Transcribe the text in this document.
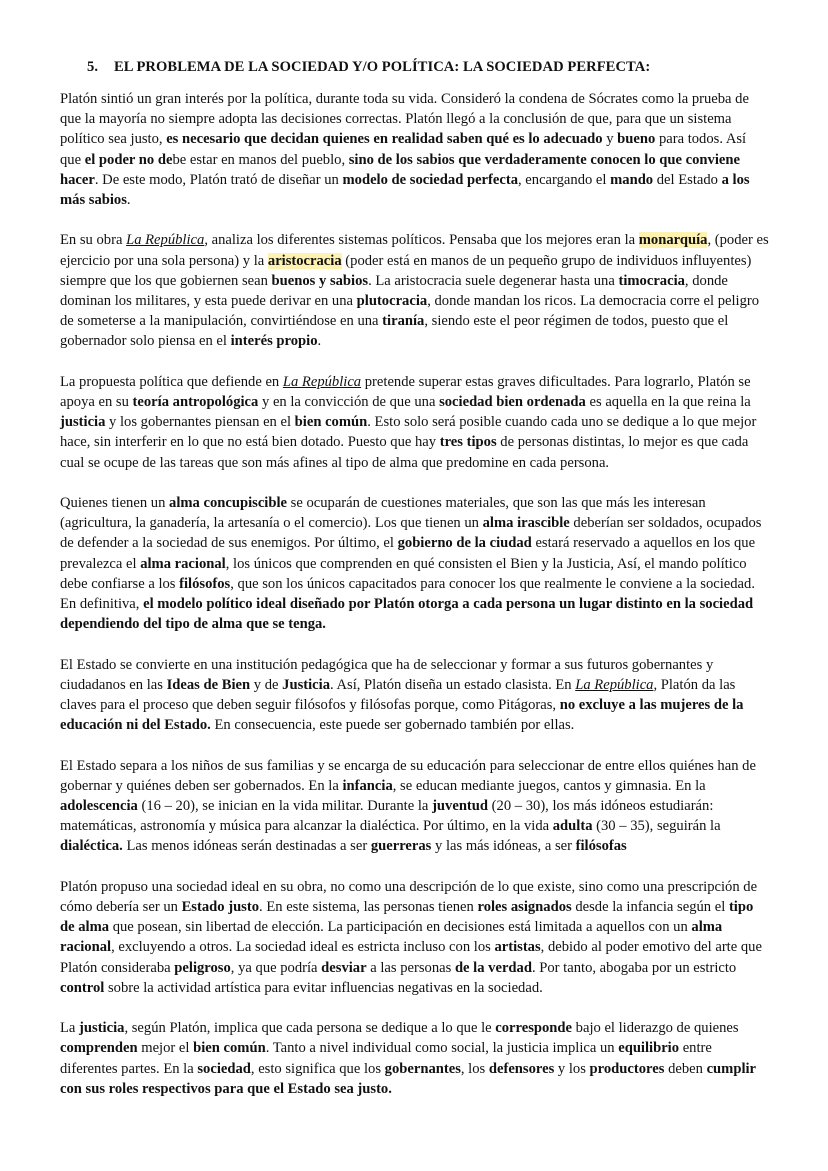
5. EL PROBLEMA DE LA SOCIEDAD Y/O POLÍTICA: LA SOCIEDAD PERFECTA:

Platón sintió un gran interés por la política, durante toda su vida. Consideró la condena de Sócrates como la prueba de que la mayoría no siempre adopta las decisiones correctas. Platón llegó a la conclusión de que, para que un sistema político sea justo, es necesario que decidan quienes en realidad saben qué es lo adecuado y bueno para todos. Así que el poder no debe estar en manos del pueblo, sino de los sabios que verdaderamente conocen lo que conviene hacer. De este modo, Platón trató de diseñar un modelo de sociedad perfecta, encargando el mando del Estado a los más sabios.

En su obra La República, analiza los diferentes sistemas políticos. Pensaba que los mejores eran la monarquía, (poder es ejercicio por una sola persona) y la aristocracia (poder está en manos de un pequeño grupo de individuos influyentes) siempre que los que gobiernen sean buenos y sabios. La aristocracia suele degenerar hasta una timocracia, donde dominan los militares, y esta puede derivar en una plutocracia, donde mandan los ricos. La democracia corre el peligro de someterse a la manipulación, convirtiéndose en una tiranía, siendo este el peor régimen de todos, puesto que el gobernador solo piensa en el interés propio.

La propuesta política que defiende en La República pretende superar estas graves dificultades. Para lograrlo, Platón se apoya en su teoría antropológica y en la convicción de que una sociedad bien ordenada es aquella en la que reina la justicia y los gobernantes piensan en el bien común. Esto solo será posible cuando cada uno se dedique a lo que mejor hace, sin interferir en lo que no está bien dotado. Puesto que hay tres tipos de personas distintas, lo mejor es que cada cual se ocupe de las tareas que son más afines al tipo de alma que predomine en cada persona.

Quienes tienen un alma concupiscible se ocuparán de cuestiones materiales, que son las que más les interesan (agricultura, la ganadería, la artesanía o el comercio). Los que tienen un alma irascible deberían ser soldados, ocupados de defender a la sociedad de sus enemigos. Por último, el gobierno de la ciudad estará reservado a aquellos en los que prevalezca el alma racional, los únicos que comprenden en qué consisten el Bien y la Justicia, Así, el mando político debe confiarse a los filósofos, que son los únicos capacitados para conocer los que realmente le conviene a la sociedad. En definitiva, el modelo político ideal diseñado por Platón otorga a cada persona un lugar distinto en la sociedad dependiendo del tipo de alma que se tenga.

El Estado se convierte en una institución pedagógica que ha de seleccionar y formar a sus futuros gobernantes y ciudadanos en las Ideas de Bien y de Justicia. Así, Platón diseña un estado clasista. En La República, Platón da las claves para el proceso que deben seguir filósofos y filósofas porque, como Pitágoras, no excluye a las mujeres de la educación ni del Estado. En consecuencia, este puede ser gobernado también por ellas.

El Estado separa a los niños de sus familias y se encarga de su educación para seleccionar de entre ellos quiénes han de gobernar y quiénes deben ser gobernados. En la infancia, se educan mediante juegos, cantos y gimnasia. En la adolescencia (16 – 20), se inician en la vida militar. Durante la juventud (20 – 30), los más idóneos estudiarán: matemáticas, astronomía y música para alcanzar la dialéctica. Por último, en la vida adulta (30 – 35), seguirán la dialéctica. Las menos idóneas serán destinadas a ser guerreras y las más idóneas, a ser filósofas

Platón propuso una sociedad ideal en su obra, no como una descripción de lo que existe, sino como una prescripción de cómo debería ser un Estado justo. En este sistema, las personas tienen roles asignados desde la infancia según el tipo de alma que posean, sin libertad de elección. La participación en decisiones está limitada a aquellos con un alma racional, excluyendo a otros. La sociedad ideal es estricta incluso con los artistas, debido al poder emotivo del arte que Platón consideraba peligroso, ya que podría desviar a las personas de la verdad. Por tanto, abogaba por un estricto control sobre la actividad artística para evitar influencias negativas en la sociedad.

La justicia, según Platón, implica que cada persona se dedique a lo que le corresponde bajo el liderazgo de quienes comprenden mejor el bien común. Tanto a nivel individual como social, la justicia implica un equilibrio entre diferentes partes. En la sociedad, esto significa que los gobernantes, los defensores y los productores deben cumplir con sus roles respectivos para que el Estado sea justo.
